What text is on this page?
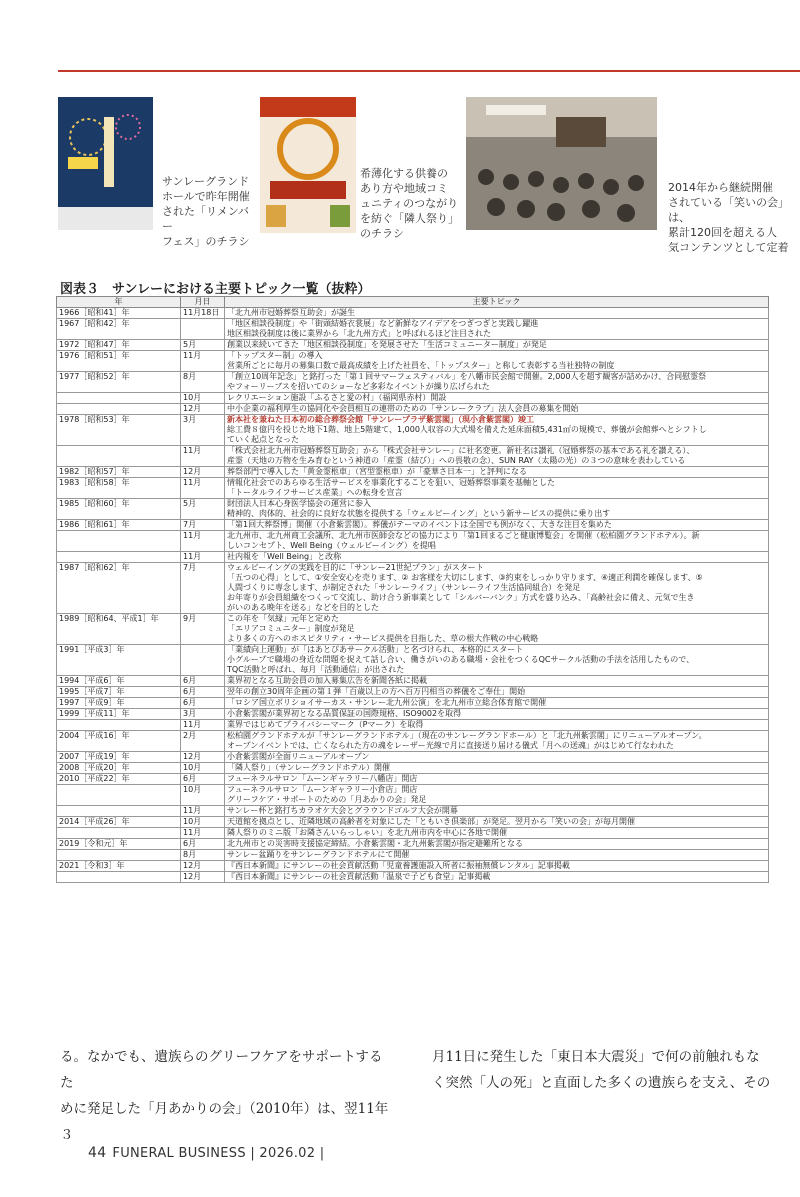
サンレーグランド
ホールで昨年開催
された「リメンバー
フェス」のチラシ
希薄化する供養の
あり方や地域コミ
ュニティのつながり
を紡ぐ「隣人祭り」
のチラシ
2014年から継続開催
されている「笑いの会」は、
累計120回を超える人
気コンテンツとして定着
図表３　サンレーにおける主要トピック一覧（抜粋）
年	月日	主要トピック
1966［昭和41］年	11月18日	「北九州市冠婚葬祭互助会」が誕生

1967［昭和42］年		「地区相談役制度」や「街頭結婚衣裳展」など新鮮なアイデアをつぎつぎと実践し躍進
地区相談役制度は後に業界から「北九州方式」と呼ばれるほど注目された

1972［昭和47］年	5月	創業以来続いてきた「地区相談役制度」を発展させた「生活コミュニーター制度」が発足

1976［昭和51］年	11月	「トップスター制」の導入
営業所ごとに毎月の募集口数で最高成績を上げた社員を、「トップスター」と称して表彰する当社独特の制度

1977［昭和52］年	8月	「創立10周年記念」と銘打った「第１回サマーフェスティバル」を八幡市民会館で開催。2,000人を超す観客が詰めかけ、合同慰霊祭
やフォーリーブスを招いてのショーなど多彩なイベントが繰り広げられた

	10月	レクリエーション施設「ふるさと愛の村」（福岡県赤村）開設

	12月	中小企業の福利厚生の協同化や会員相互の連帯のための「サンレークラブ」法人会員の募集を開始

1978［昭和53］年	3月	新本社を兼ねた日本初の総合葬祭会館「サンレープラザ紫雲閣」（現小倉紫雲閣）竣工
総工費８億円を投じた地下1階、地上5階建て、1,000人収容の大式場を備えた延床面積5,431㎡の規模で、葬儀が会館葬へとシフトし
ていく起点となった

	11月	「株式会社北九州市冠婚葬祭互助会」から「株式会社サンレー」に社名変更。新社名は讃礼（冠婚葬祭の基本である礼を讃える）、
産霊（天地の万物を生み育むという神道の「産霊（結び）」への畏敬の念）、SUN RAY（太陽の光）の３つの意味を表わしている

1982［昭和57］年	12月	葬祭部門で導入した「黄金霊柩車」（宮型霊柩車）が「豪華さ日本一」と評判になる

1983［昭和58］年	11月	情報化社会でのあらゆる生活サービスを事業化することを狙い、冠婚葬祭事業を基軸とした
「トータルライフサービス産業」への転身を宣言

1985［昭和60］年	5月	財団法人日本心身医学協会の運営に参入
精神的、肉体的、社会的に良好な状態を提供する「ウェルビーイング」という新サービスの提供に乗り出す

1986［昭和61］年	7月	「第1回大葬祭博」開催（小倉紫雲閣）。葬儀がテーマのイベントは全国でも例がなく、大きな注目を集めた

	11月	北九州市、北九州商工会議所、北九州市医師会などの協力により「第1回まるごと健康博覧会」を開催（松柏園グランドホテル）。新
しいコンセプト、Well Being（ウェルビーイング）を提唱

	11月	社内報を「Well Being」と改称

1987［昭和62］年	7月	ウェルビーイングの実践を目的に「サンレー21世紀プラン」がスタート
「五つの心得」として、①安全安心を売ります、② お客様を大切にします、③約束をしっかり守ります、④適正利潤を確保します、⑤
人間づくりに専念します、が制定された「サンレーライフ」（サンレーライフ生活協同組合）を発足
お年寄りが会員組織をつくって交流し、助け合う新事業として「シルバーバンク」方式を盛り込み、「高齢社会に備え、元気で生き
がいのある晩年を送る」などを目的とした

1989［昭和64、平成1］年	9月	この年を「気縁」元年と定めた
「エリアコミュニター」制度が発足
より多くの方へのホスピタリティ・サービス提供を目指した、草の根大作戦の中心戦略

1991［平成3］年		「業績向上運動」が「はあとぴあサークル活動」と名づけられ、本格的にスタート
小グループで職場の身近な問題を捉えて話し合い、働きがいのある職場・会社をつくるQCサークル活動の手法を活用したもので、
TQC活動と呼ばれ、毎月「活動通信」が出された

1994［平成6］年	6月	業界初となる互助会員の加入募集広告を新聞各紙に掲載

1995［平成7］年	6月	翌年の創立30周年企画の第１弾「百歳以上の方へ百万円相当の葬儀をご奉仕」開始

1997［平成9］年	6月	「ロシア国立ボリショイサーカス・サンレー北九州公演」を北九州市立総合体育館で開催

1999［平成11］年	3月	小倉紫雲閣が業界初となる品質保証の国際規格、ISO9002を取得

	11月	業界ではじめてプライバシーマーク（Pマーク）を取得

2004［平成16］年	2月	松柏園グランドホテルが「サンレーグランドホテル」（現在のサンレーグランドホール）と「北九州紫雲閣」にリニューアルオープン。
オープンイベントでは、亡くなられた方の魂をレーザー光線で月に直接送り届ける儀式「月への送魂」がはじめて行なわれた

2007［平成19］年	12月	小倉紫雲閣が全面リニューアルオープン

2008［平成20］年	10月	「隣人祭り」（サンレーグランドホテル）開催

2010［平成22］年	6月	フューネラルサロン「ムーンギャラリー八幡店」開店

	10月	フューネラルサロン「ムーンギャラリー小倉店」開店
グリーフケア・サポートのための「月あかりの会」発足

	11月	サンレー杯と銘打ちカラオケ大会とグラウンドゴルフ大会が開幕

2014［平成26］年	10月	天道館を拠点とし、近隣地域の高齢者を対象にした「ともいき倶楽部」が発足。翌月から「笑いの会」が毎月開催

	11月	隣人祭りのミニ版「お隣さんいらっしゃい」を北九州市内を中心に各地で開催

2019［令和元］年	6月	北九州市との災害時支援協定締結。小倉紫雲閣・北九州紫雲閣が指定避難所となる

	8月	サンレー盆踊りをサンレーグランドホテルにて開催

2021［令和3］年	12月	『西日本新聞』にサンレーの社会貢献活動「児童養護施設入所者に振袖無償レンタル」記事掲載

	12月	『西日本新聞』にサンレーの社会貢献活動「温泉で子ども食堂」記事掲載
る。なかでも、遺族らのグリーフケアをサポートするた
めに発足した「月あかりの会」（2010年）は、翌11年３
月11日に発生した「東日本大震災」で何の前触れもな
く突然「人の死」と直面した多くの遺族らを支え、その
44 FUNERAL BUSINESS | 2026.02 |
